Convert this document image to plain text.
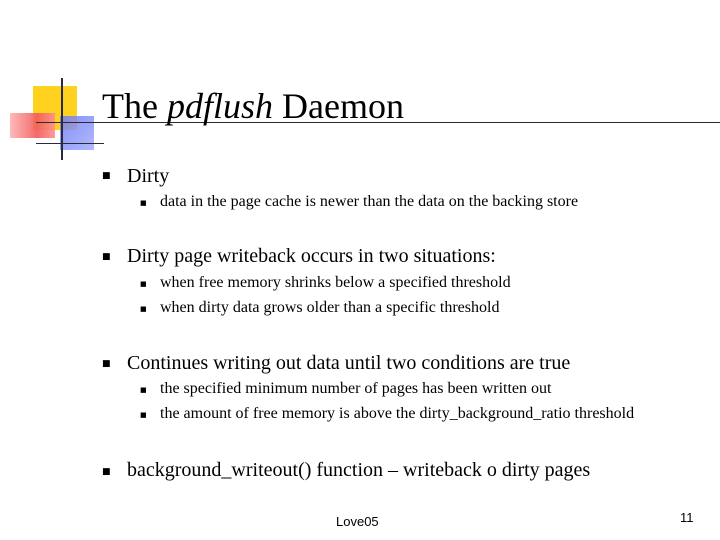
The pdflush Daemon
■ Dirty
■ data in the page cache is newer than the data on the backing store
■ Dirty page writeback occurs in two situations:
■ when free memory shrinks below a specified threshold
■ when dirty data grows older than a specific threshold
■ Continues writing out data until two conditions are true
■ the specified minimum number of pages has been written out
■ the amount of free memory is above the dirty_background_ratio threshold
■ background_writeout() function – writeback o dirty pages
Love05	11
